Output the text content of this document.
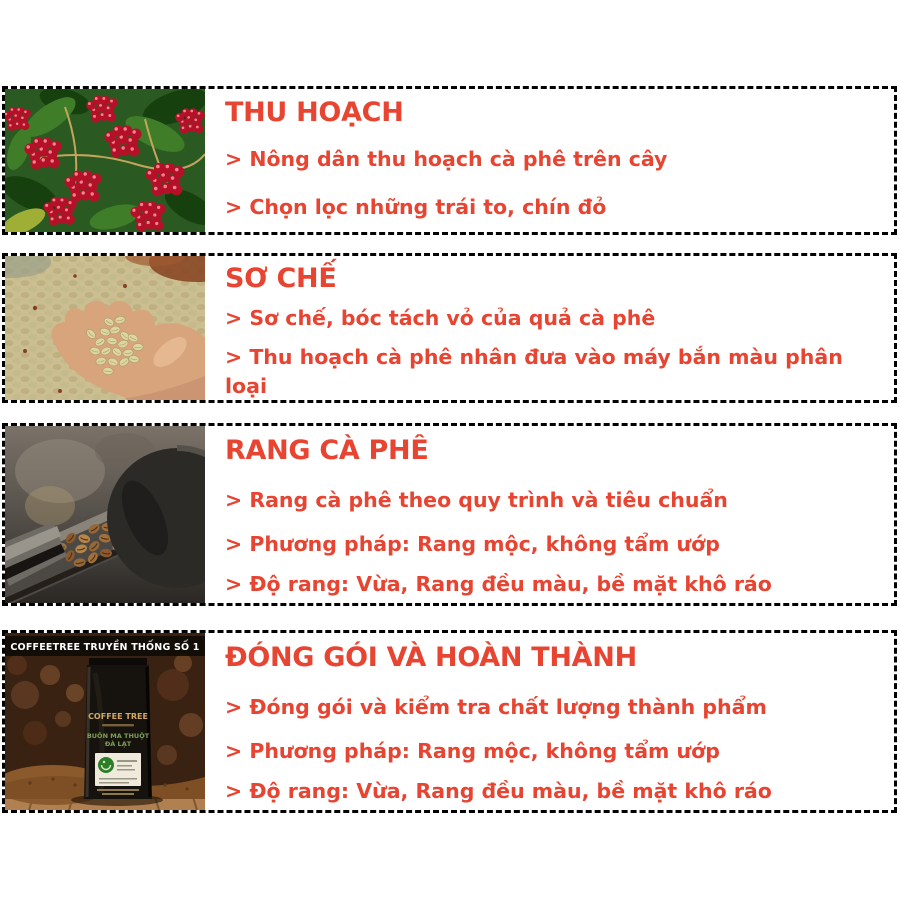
THU HOẠCH

> Nông dân thu hoạch cà phê trên cây

> Chọn lọc những trái to, chín đỏ

SƠ CHẾ

> Sơ chế, bóc tách vỏ của quả cà phê

> Thu hoạch cà phê nhân đưa vào máy bắn màu phân loại

RANG CÀ PHÊ

> Rang cà phê theo quy trình và tiêu chuẩn

> Phương pháp: Rang mộc, không tẩm ướp

> Độ rang: Vừa, Rang đều màu, bề mặt khô ráo

COFFEE TREE
BUÔN MA THUỘT
ĐÀ LẠT
COFFEETREE TRUYỀN THỐNG SỐ 1 ĐÓNG GÓI VÀ HOÀN THÀNH

> Đóng gói và kiểm tra chất lượng thành phẩm

> Phương pháp: Rang mộc, không tẩm ướp

> Độ rang: Vừa, Rang đều màu, bề mặt khô ráo
